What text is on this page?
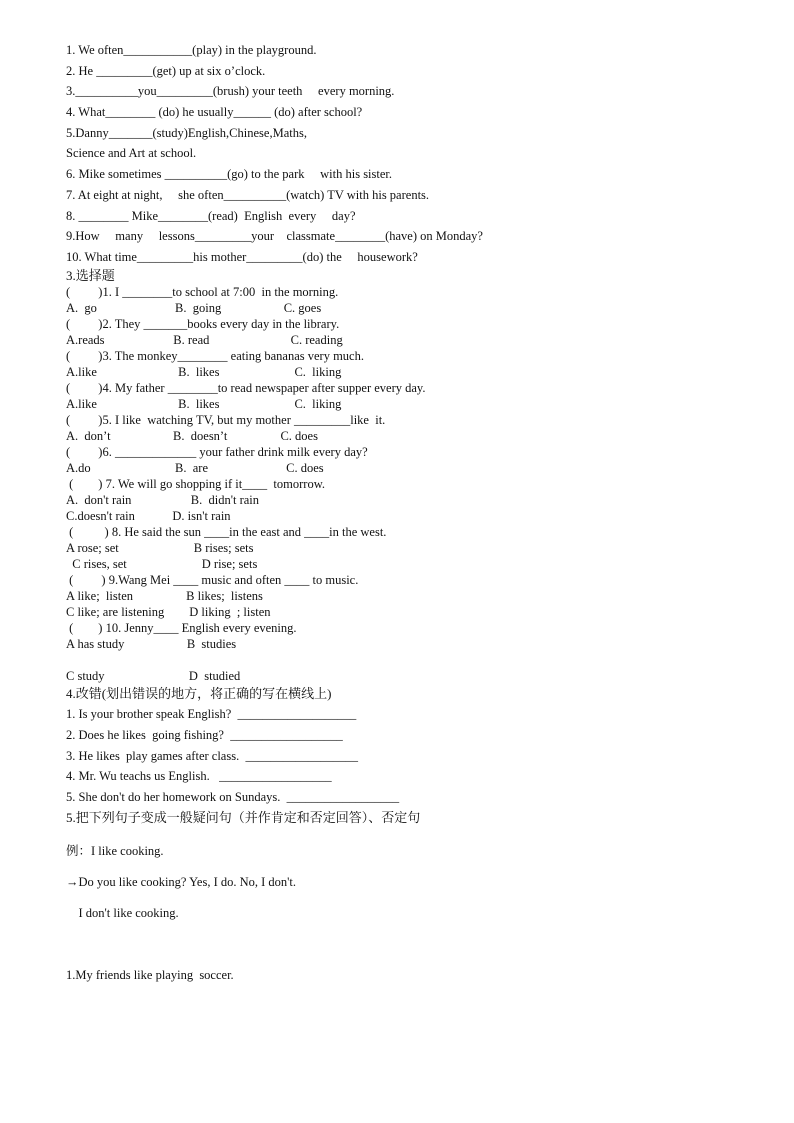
1. We often___________(play) in the playground.
2. He _________(get) up at six o’clock.
3.__________you_________(brush) your teeth     every morning.
4. What________ (do) he usually______ (do) after school?
5.Danny_______(study)English,Chinese,Maths,
Science and Art at school.
6. Mike sometimes __________(go) to the park     with his sister.
7. At eight at night,     she often__________(watch) TV with his parents.
8. ________ Mike________(read)  English  every     day?
9.How     many     lessons_________your    classmate________(have) on Monday?
10. What time_________his mother_________(do) the     housework?
3.选择题
(         )1. I ________to school at 7:00  in the morning.
A.  go                         B.  going                    C. goes
(         )2. They _______books every day in the library.
A.reads                      B. read                          C. reading
(         )3. The monkey________ eating bananas very much.
A.like                          B.  likes                        C.  liking
(         )4. My father ________to read newspaper after supper every day.
A.like                          B.  likes                        C.  liking
(         )5. I like  watching TV, but my mother _________like  it.
A.  don’t                    B.  doesn’t                 C. does
(         )6. _____________ your father drink milk every day?
A.do                           B.  are                         C. does
(        ) 7. We will go shopping if it____  tomorrow.
A.  don't rain                   B.  didn't rain
C.doesn't rain            D. isn't rain
(          ) 8. He said the sun ____in the east and ____in the west.
A rose; set                        B rises; sets
C rises, set                        D rise; sets
(         ) 9.Wang Mei ____ music and often ____ to music.
A like;  listen                 B likes;  listens
C like; are listening        D liking  ; listen
(        ) 10. Jenny____ English every evening.
A has study                    B  studies
C study                           D  studied
4.改错(划出错误的地方，将正确的写在横线上)
1. Is your brother speak English?  ___________________
2. Does he likes  going fishing?  __________________
3. He likes  play games after class.  __________________
4. Mr. Wu teachs us English.   __________________
5. She don't do her homework on Sundays.  __________________
5.把下列句子变成一般疑问句（并作肯定和否定回答）、否定句
例：I like cooking.
→Do you like cooking? Yes, I do. No, I don't.
I don't like cooking.
1.My friends like playing  soccer.
